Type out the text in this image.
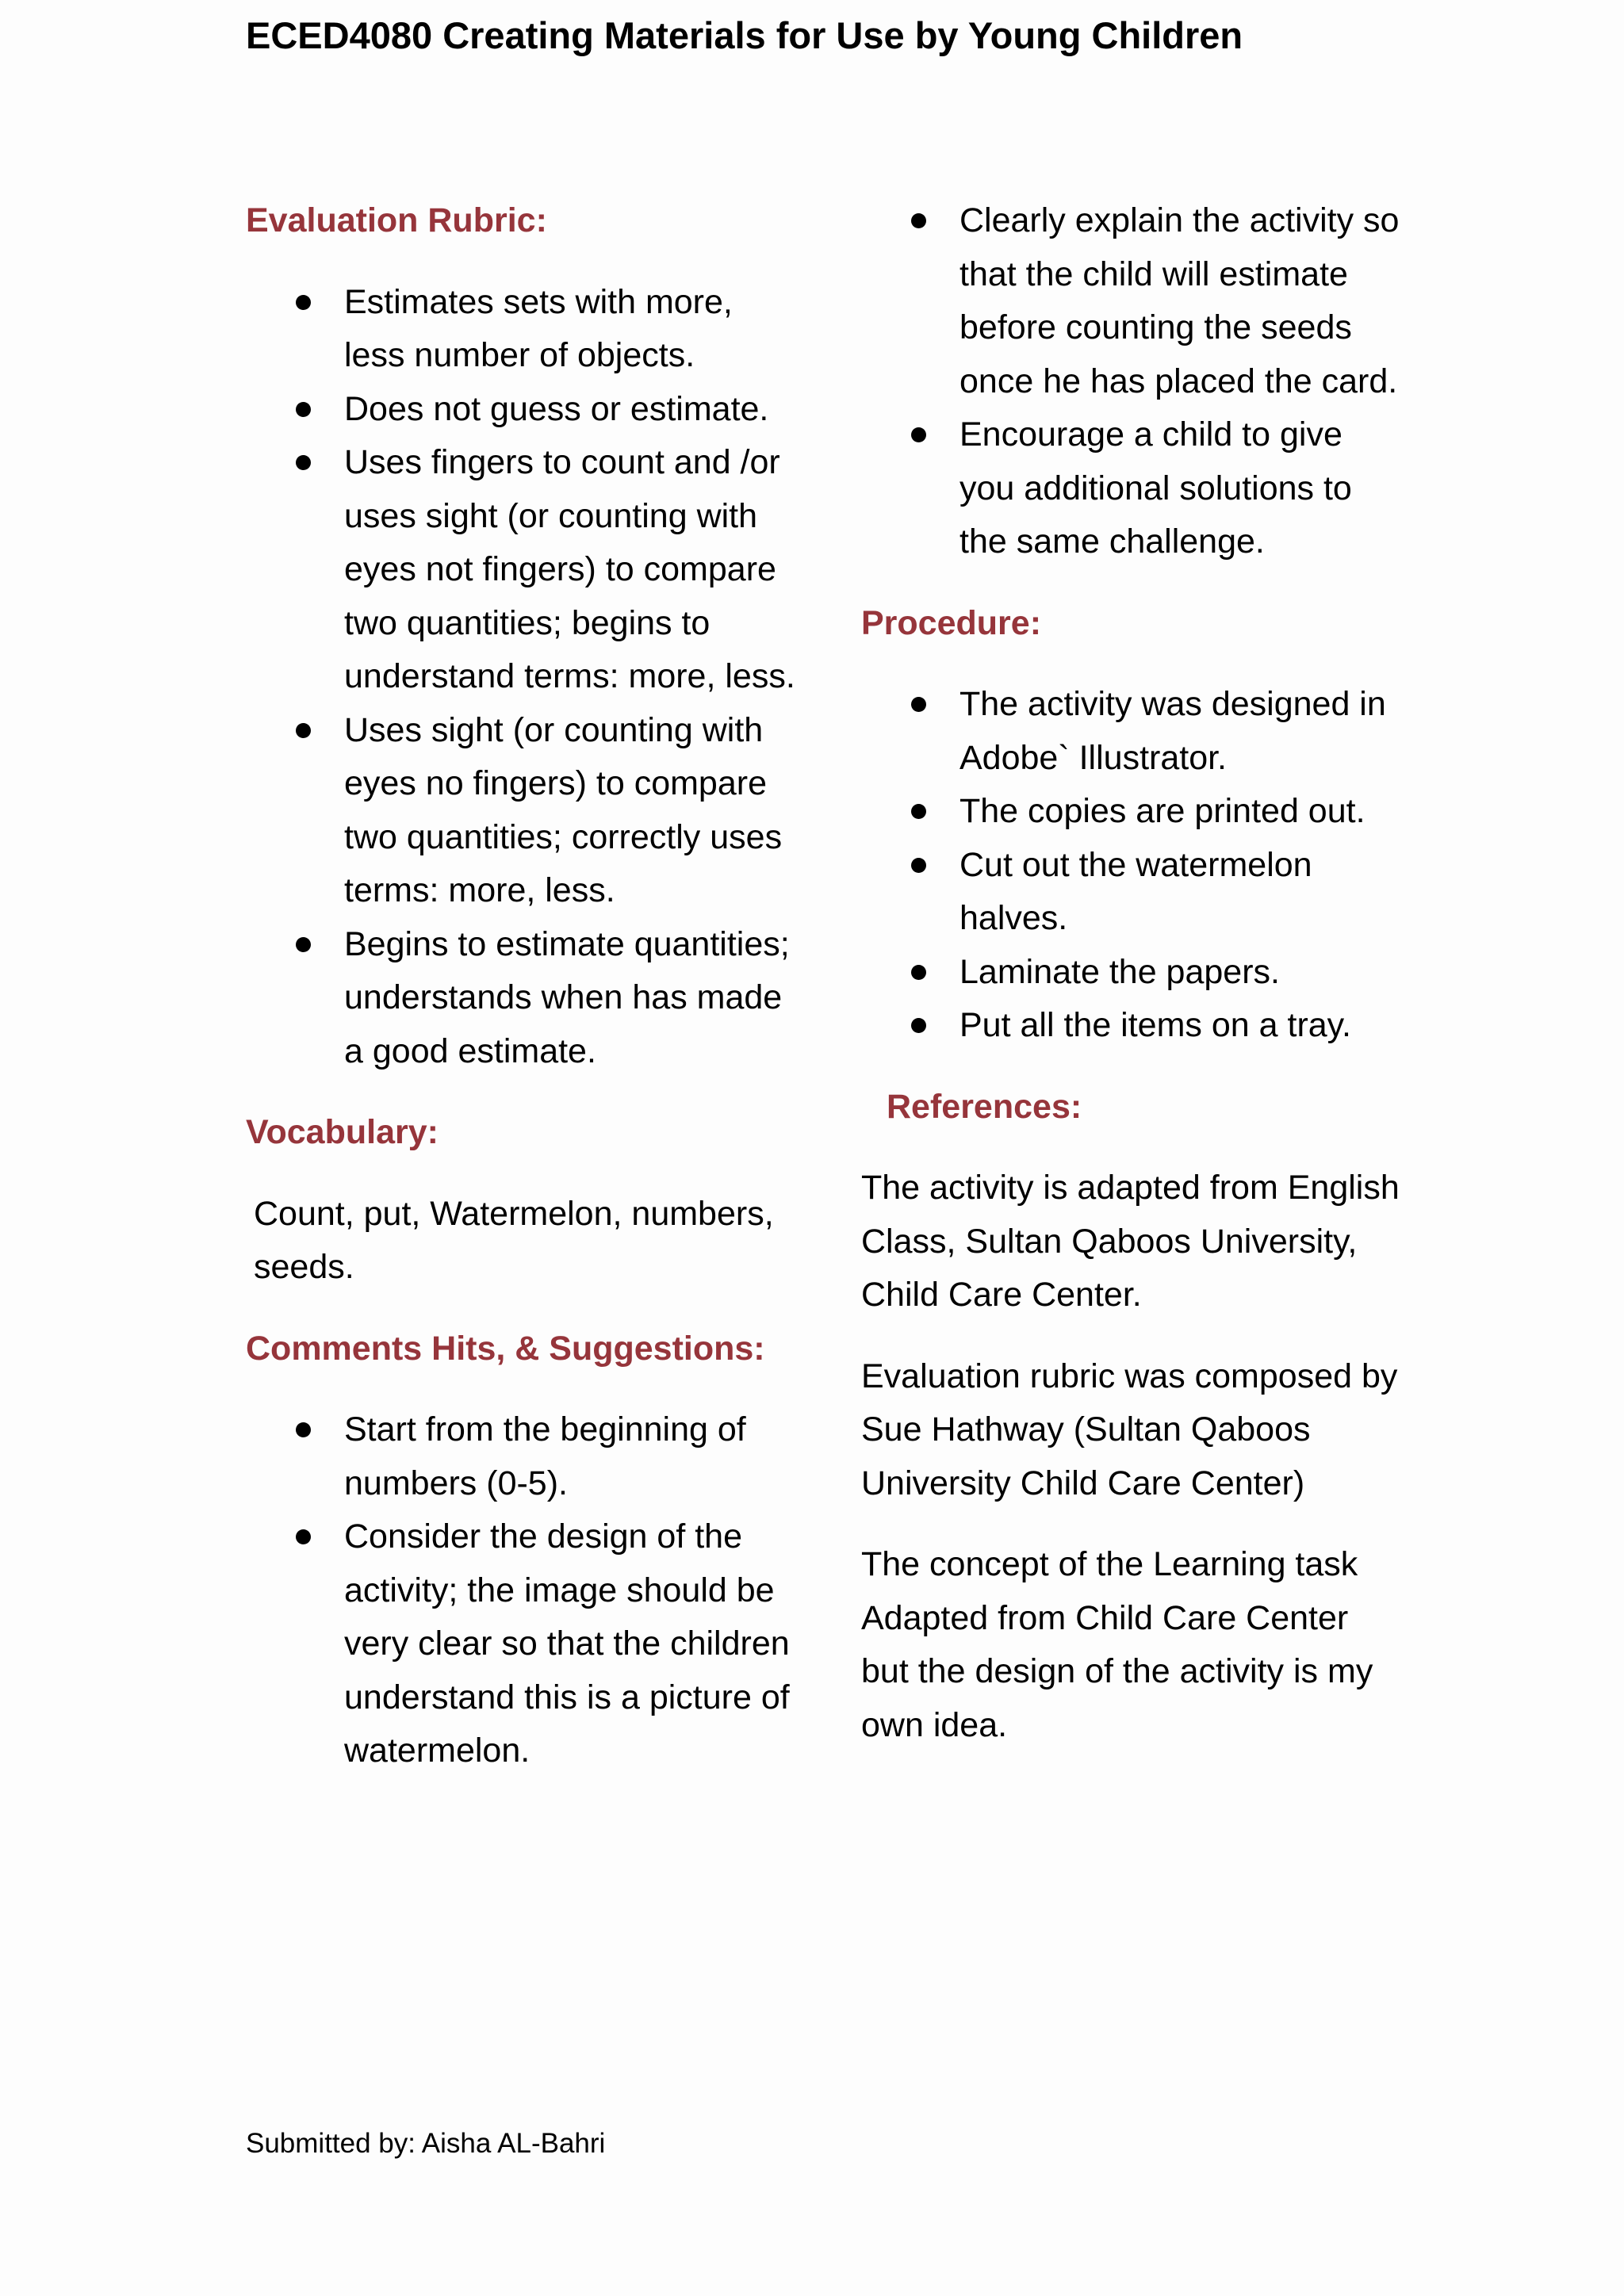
ECED4080 Creating Materials for Use by Young Children
Evaluation Rubric:
Estimates sets with more, less number of objects.
Does not guess or estimate.
Uses fingers to count and /or uses sight (or counting with eyes not fingers) to compare two quantities; begins to understand terms: more, less.
Uses sight (or counting with eyes no fingers) to compare two quantities; correctly uses terms: more, less.
Begins to estimate quantities; understands when has made a good estimate.
Vocabulary:

Count, put, Watermelon, numbers, seeds.

Comments Hits, & Suggestions:
Start from the beginning of numbers (0-5).
Consider the design of the activity; the image should be very clear so that the children understand this is a picture of watermelon.
Clearly explain the activity so that the child will estimate before counting the seeds once he has placed the card.
Encourage a child to give you additional solutions to the same challenge.
Procedure:
The activity was designed in Adobe` Illustrator.
The copies are printed out.
Cut out the watermelon halves.
Laminate the papers.
Put all the items on a tray.
References:

The activity is adapted from English Class, Sultan Qaboos University, Child Care Center.

Evaluation rubric was composed by Sue Hathway (Sultan Qaboos University Child Care Center)

The concept of the Learning task Adapted from Child Care Center but the design of the activity is my own idea.

Submitted by: Aisha AL-Bahri
